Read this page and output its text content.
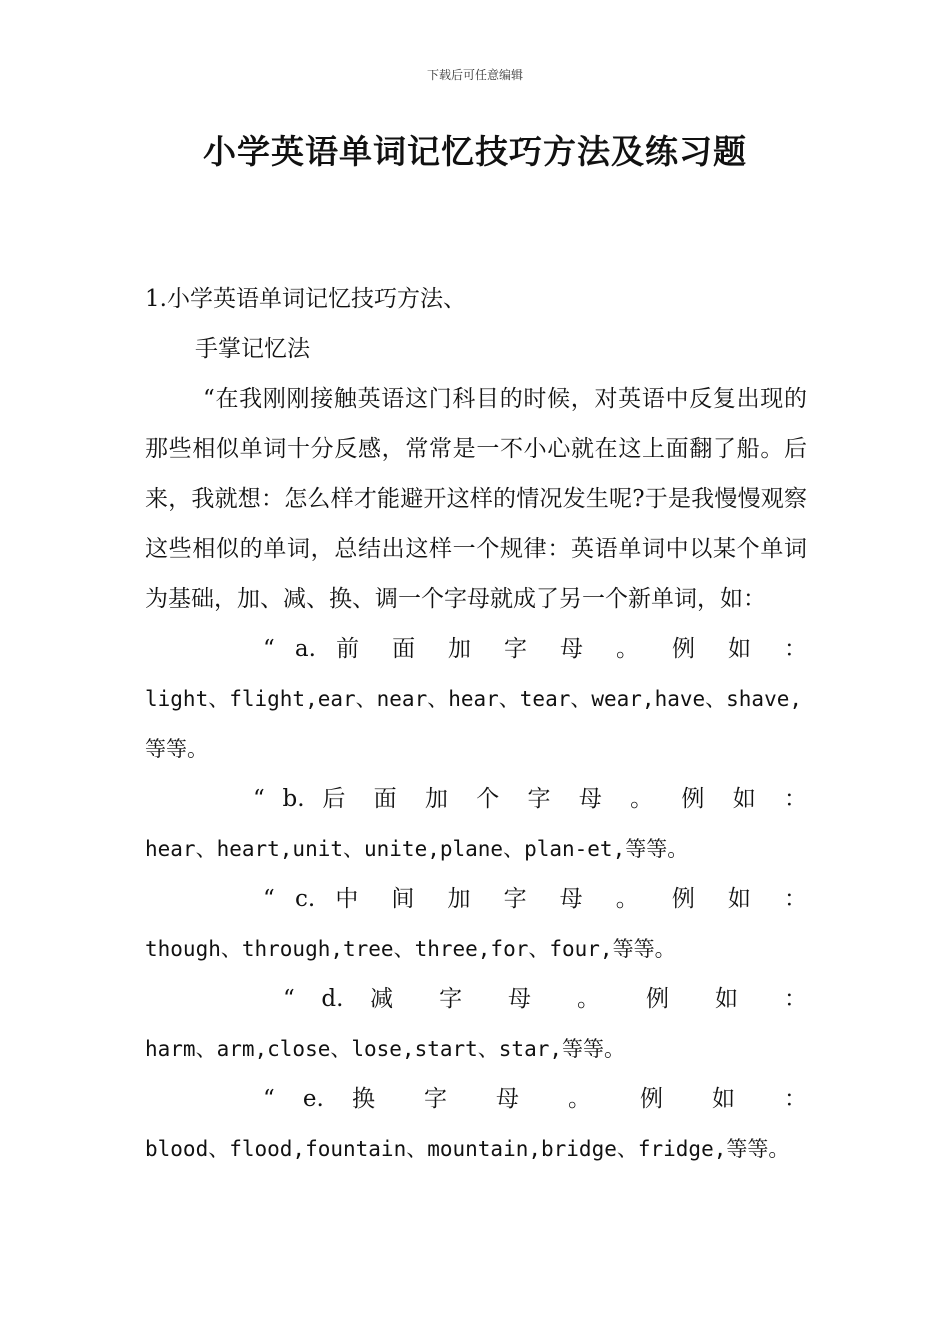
下载后可任意编辑
小学英语单词记忆技巧方法及练习题

1.小学英语单词记忆技巧方法、

手掌记忆法

“在我刚刚接触英语这门科目的时候，对英语中反复出现的那些相似单词十分反感，常常是一不小心就在这上面翻了船。后来，我就想：怎么样才能避开这样的情况发生呢?于是我慢慢观察这些相似的单词，总结出这样一个规律：英语单词中以某个单词为基础，加、减、换、调一个字母就成了另一个新单词，如：

“ a. 前 面 加 字 母 。 例 如 ：

light、flight,ear、near、hear、tear、wear,have、shave,等等。

“ b. 后 面 加 个 字 母 。 例 如 ：

hear、heart,unit、unite,plane、plan-et,等等。

“ c. 中 间 加 字 母 。 例 如 ：

though、through,tree、three,for、four,等等。

“ d. 减 字 母 。 例 如 ：

harm、arm,close、lose,start、star,等等。

“ e. 换 字 母 。 例 如 ：

blood、flood,fountain、mountain,bridge、fridge,等等。
